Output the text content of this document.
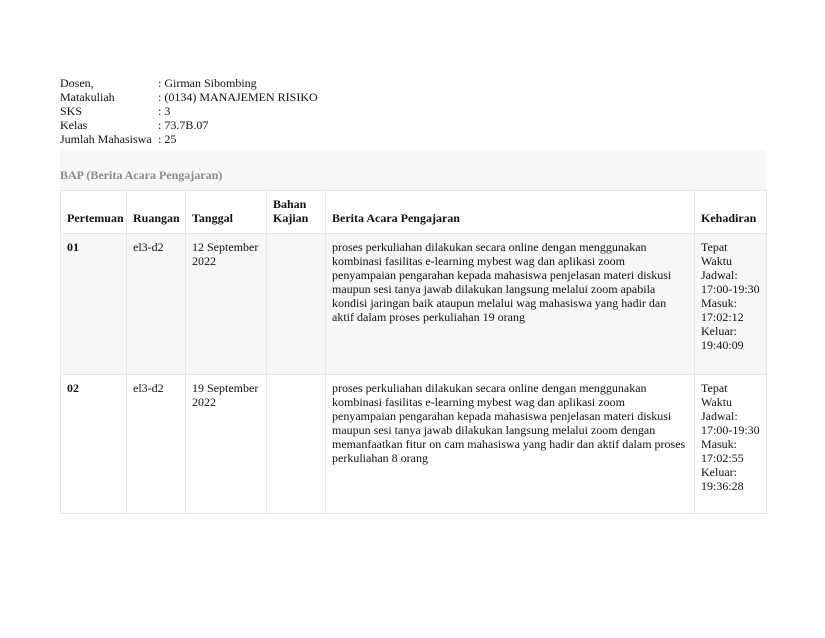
Dosen,	: Girman Sibombing
Matakuliah	: (0134) MANAJEMEN RISIKO
SKS	: 3
Kelas	: 73.7B.07
Jumlah Mahasiswa	: 25
BAP (Berita Acara Pengajaran)
Pertemuan	Ruangan	Tanggal	Bahan Kajian	Berita Acara Pengajaran	Kehadiran
01	el3-d2	12 September 2022		proses perkuliahan dilakukan secara online dengan menggunakan kombinasi fasilitas e-learning mybest wag dan aplikasi zoom penyampaian pengarahan kepada mahasiswa penjelasan materi diskusi maupun sesi tanya jawab dilakukan langsung melalui zoom apabila kondisi jaringan baik ataupun melalui wag mahasiswa yang hadir dan aktif dalam proses perkuliahan 19 orang	Tepat Waktu Jadwal: 17:00-19:30 Masuk: 17:02:12 Keluar: 19:40:09
02	el3-d2	19 September 2022		proses perkuliahan dilakukan secara online dengan menggunakan kombinasi fasilitas e-learning mybest wag dan aplikasi zoom penyampaian pengarahan kepada mahasiswa penjelasan materi diskusi maupun sesi tanya jawab dilakukan langsung melalui zoom dengan memanfaatkan fitur on cam mahasiswa yang hadir dan aktif dalam proses perkuliahan 8 orang	Tepat Waktu Jadwal: 17:00-19:30 Masuk: 17:02:55 Keluar: 19:36:28
